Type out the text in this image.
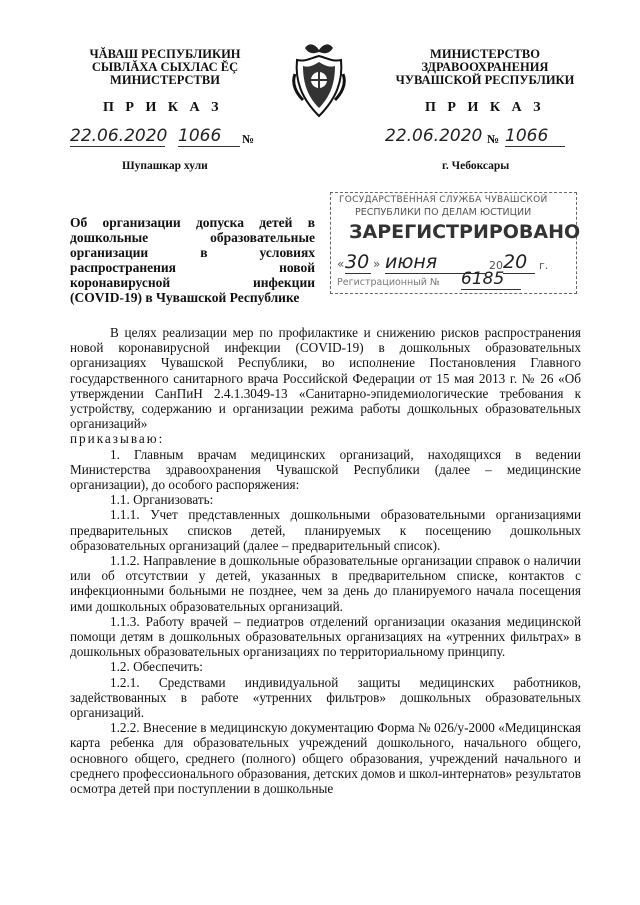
ЧĂВАШ РЕСПУБЛИКИН
СЫВЛĂХА СЫХЛАС ĔÇ
МИНИСТЕРСТВИ
МИНИСТЕРСТВО
ЗДРАВООХРАНЕНИЯ
ЧУВАШСКОЙ РЕСПУБЛИКИ
П Р И К А З	П Р И К А З
22.06.2020 1066	№	22.06.2020 № 1066
Шупашкар хули	г. Чебоксары
ГОСУДАРСТВЕННАЯ СЛУЖБА ЧУВАШСКОЙ
РЕСПУБЛИКИ ПО ДЕЛАМ ЮСТИЦИИ
ЗАРЕГИСТРИРОВАНО
« 30 » июня	20 20	г.
Регистрационный № 6185
Об организации допуска детей в
дошкольные образовательные
организации в условиях
распространения новой
коронавирусной инфекции
(COVID-19) в Чувашской Республике

В целях реализации мер по профилактике и снижению рисков распространения новой коронавирусной инфекции (COVID-19) в дошкольных образовательных организациях Чувашской Республики, во исполнение Постановления Главного государственного санитарного врача Российской Федерации от 15 мая 2013 г. № 26 «Об утверждении СанПиН 2.4.1.3049-13 «Санитарно-эпидемиологические требования к устройству, содержанию и организации режима работы дошкольных образовательных организаций»

приказываю:

1. Главным врачам медицинских организаций, находящихся в ведении Министерства здравоохранения Чувашской Республики (далее – медицинские организации), до особого распоряжения:

1.1. Организовать:

1.1.1. Учет представленных дошкольными образовательными организациями предварительных списков детей, планируемых к посещению дошкольных образовательных организаций (далее – предварительный список).

1.1.2. Направление в дошкольные образовательные организации справок о наличии или об отсутствии у детей, указанных в предварительном списке, контактов с инфекционными больными не позднее, чем за день до планируемого начала посещения ими дошкольных образовательных организаций.

1.1.3. Работу врачей – педиатров отделений организации оказания медицинской помощи детям в дошкольных образовательных организациях на «утренних фильтрах» в дошкольных образовательных организациях по территориальному принципу.

1.2. Обеспечить:

1.2.1. Средствами индивидуальной защиты медицинских работников, задействованных в работе «утренних фильтров» дошкольных образовательных организаций.

1.2.2. Внесение в медицинскую документацию Форма № 026/у-2000 «Медицинская карта ребенка для образовательных учреждений дошкольного, начального общего, основного общего, среднего (полного) общего образования, учреждений начального и среднего профессионального образования, детских домов и школ-интернатов» результатов осмотра детей при поступлении в дошкольные
